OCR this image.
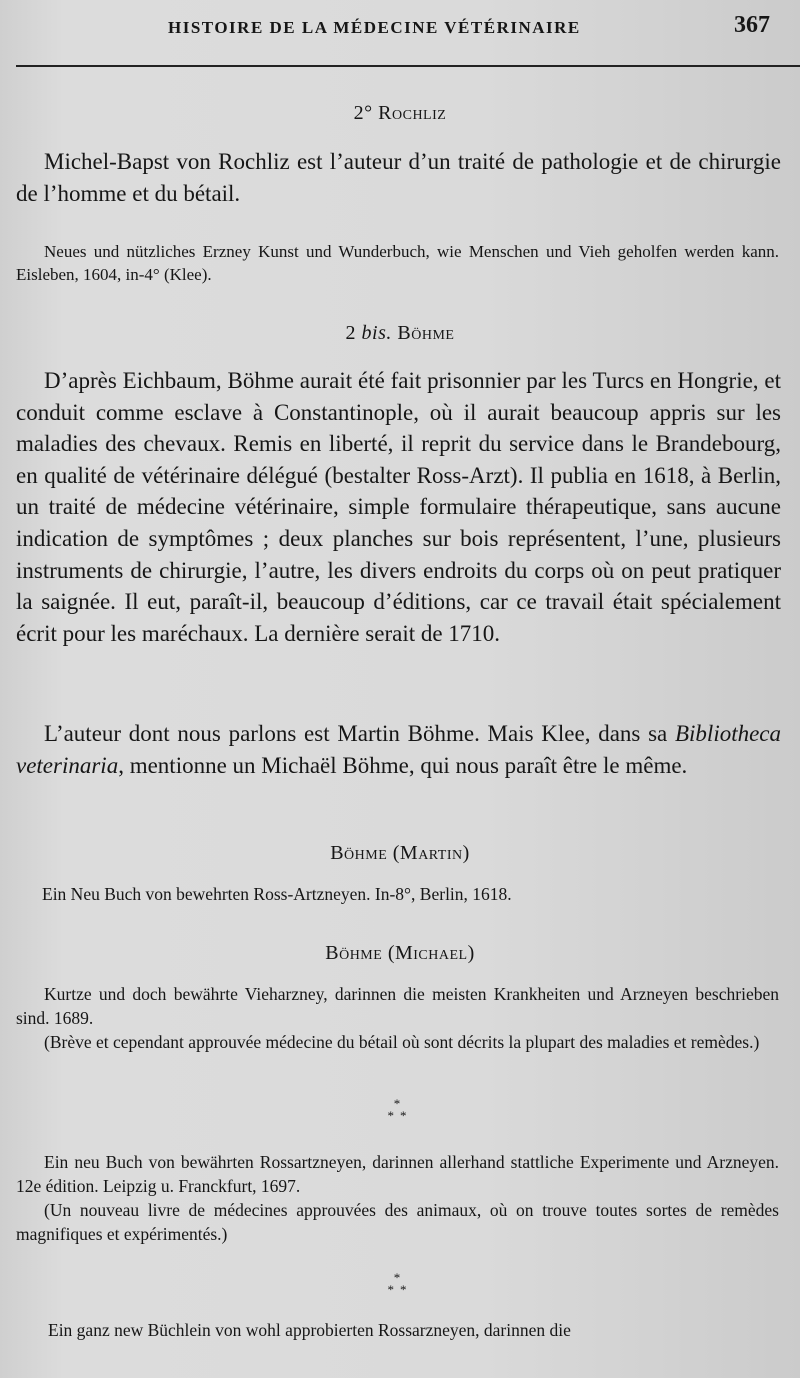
HISTOIRE DE LA MÉDECINE VÉTÉRINAIRE	367
2° Rochliz

Michel-Bapst von Rochliz est l’auteur d’un traité de pathologie et de chirurgie de l’homme et du bétail.

Neues und nützliches Erzney Kunst und Wunderbuch, wie Menschen und Vieh geholfen werden kann. Eisleben, 1604, in-4° (Klee).

2 bis. Böhme

D’après Eichbaum, Böhme aurait été fait prisonnier par les Turcs en Hongrie, et conduit comme esclave à Constantinople, où il aurait beaucoup appris sur les maladies des chevaux. Remis en liberté, il reprit du service dans le Brandebourg, en qualité de vétérinaire délégué (bestalter Ross-Arzt). Il publia en 1618, à Berlin, un traité de médecine vétérinaire, simple formulaire thérapeutique, sans aucune indication de symptômes ; deux planches sur bois représentent, l’une, plusieurs instruments de chirurgie, l’autre, les divers endroits du corps où on peut pratiquer la saignée. Il eut, paraît-il, beaucoup d’éditions, car ce travail était spécialement écrit pour les maréchaux. La dernière serait de 1710.

L’auteur dont nous parlons est Martin Böhme. Mais Klee, dans sa Bibliotheca veterinaria, mentionne un Michaël Böhme, qui nous paraît être le même.

Böhme (Martin)

Ein Neu Buch von bewehrten Ross-Artzneyen. In-8°, Berlin, 1618.

Böhme (Michael)

Kurtze und doch bewährte Vieharzney, darinnen die meisten Krankheiten und Arzneyen beschrieben sind. 1689.

(Brève et cependant approuvée médecine du bétail où sont décrits la plupart des maladies et remèdes.)

*
**

Ein neu Buch von bewährten Rossartzneyen, darinnen allerhand stattliche Experimente und Arzneyen. 12e édition. Leipzig u. Franckfurt, 1697.

(Un nouveau livre de médecines approuvées des animaux, où on trouve toutes sortes de remèdes magnifiques et expérimentés.)

*
**

Ein ganz new Büchlein von wohl approbierten Rossarzneyen, darinnen die
